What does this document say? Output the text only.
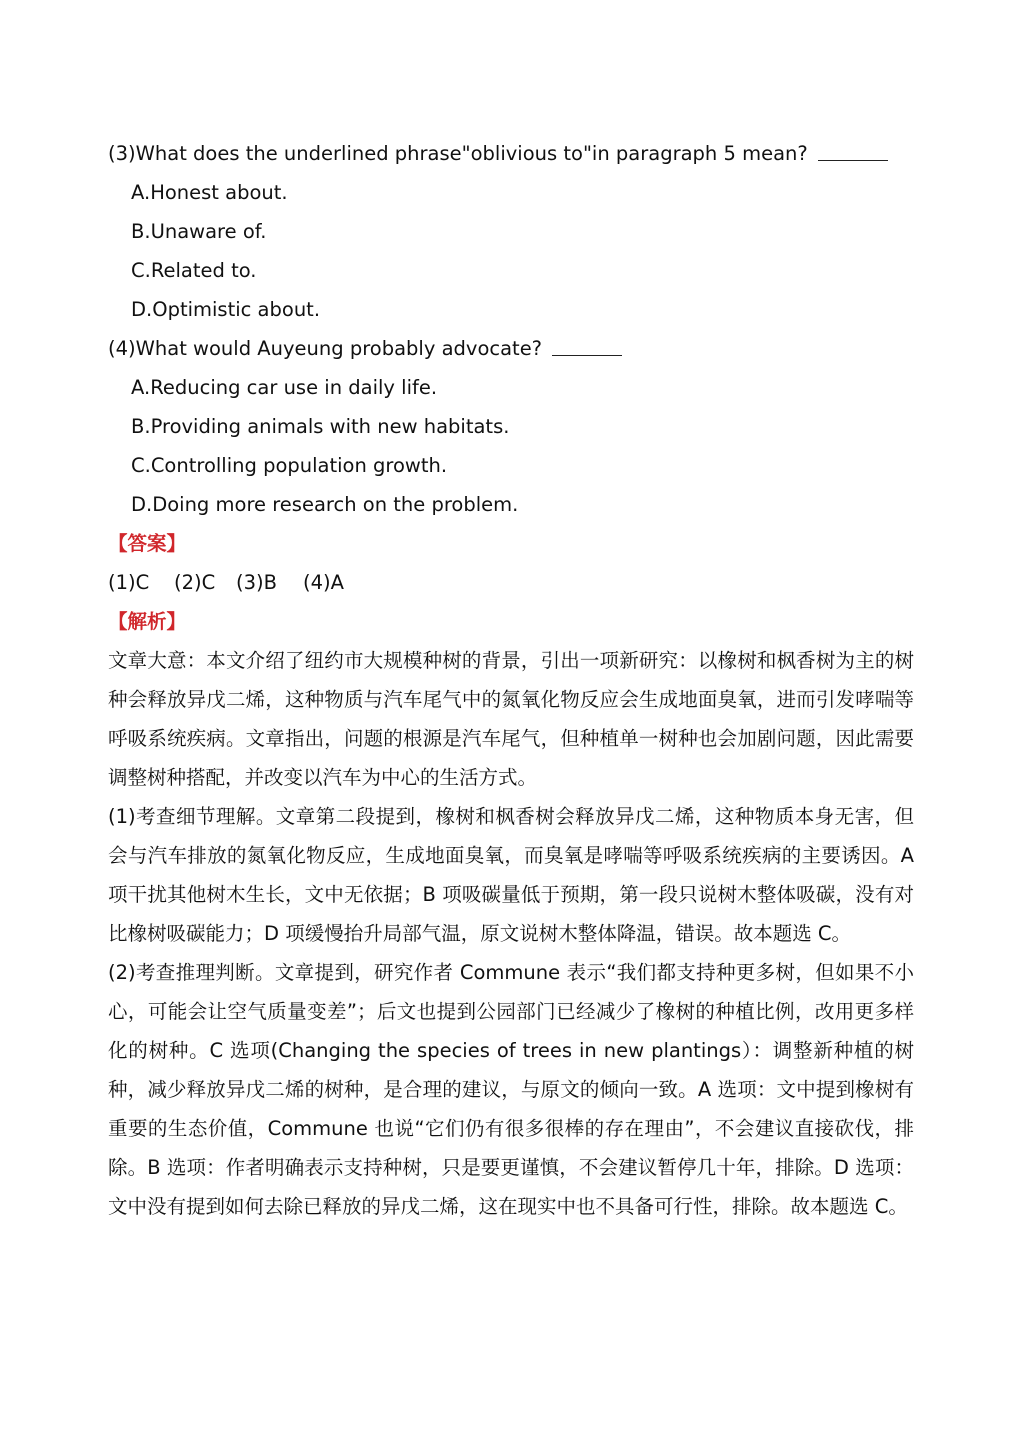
(3)What does the underlined phrase"oblivious to"in paragraph 5 mean?
A.Honest about.
B.Unaware of.
C.Related to.
D.Optimistic about.
(4)What would Auyeung probably advocate?
A.Reducing car use in daily life.
B.Providing animals with new habitats.
C.Controlling population growth.
D.Doing more research on the problem.
【答案】
(1)C (2)C (3)B (4)A
【解析】

文章大意：本文介绍了纽约市大规模种树的背景，引出一项新研究：以橡树和枫香树为主的树种会释放异戊二烯，这种物质与汽车尾气中的氮氧化物反应会生成地面臭氧，进而引发哮喘等呼吸系统疾病。文章指出，问题的根源是汽车尾气，但种植单一树种也会加剧问题，因此需要调整树种搭配，并改变以汽车为中心的生活方式。

(1)考查细节理解。文章第二段提到，橡树和枫香树会释放异戊二烯，这种物质本身无害，但会与汽车排放的氮氧化物反应，生成地面臭氧，而臭氧是哮喘等呼吸系统疾病的主要诱因。A 项干扰其他树木生长，文中无依据；B 项吸碳量低于预期，第一段只说树木整体吸碳，没有对比橡树吸碳能力；D 项缓慢抬升局部气温，原文说树木整体降温，错误。故本题选 C。

(2)考查推理判断。文章提到，研究作者 Commune 表示“我们都支持种更多树，但如果不小心，可能会让空气质量变差”；后文也提到公园部门已经减少了橡树的种植比例，改用更多样化的树种。C 选项(Changing the species of trees in new plantings）：调整新种植的树种，减少释放异戊二烯的树种，是合理的建议，与原文的倾向一致。A 选项：文中提到橡树有重要的生态价值，Commune 也说“它们仍有很多很棒的存在理由”，不会建议直接砍伐，排除。B 选项：作者明确表示支持种树，只是要更谨慎，不会建议暂停几十年，排除。D 选项：文中没有提到如何去除已释放的异戊二烯，这在现实中也不具备可行性，排除。故本题选 C。
